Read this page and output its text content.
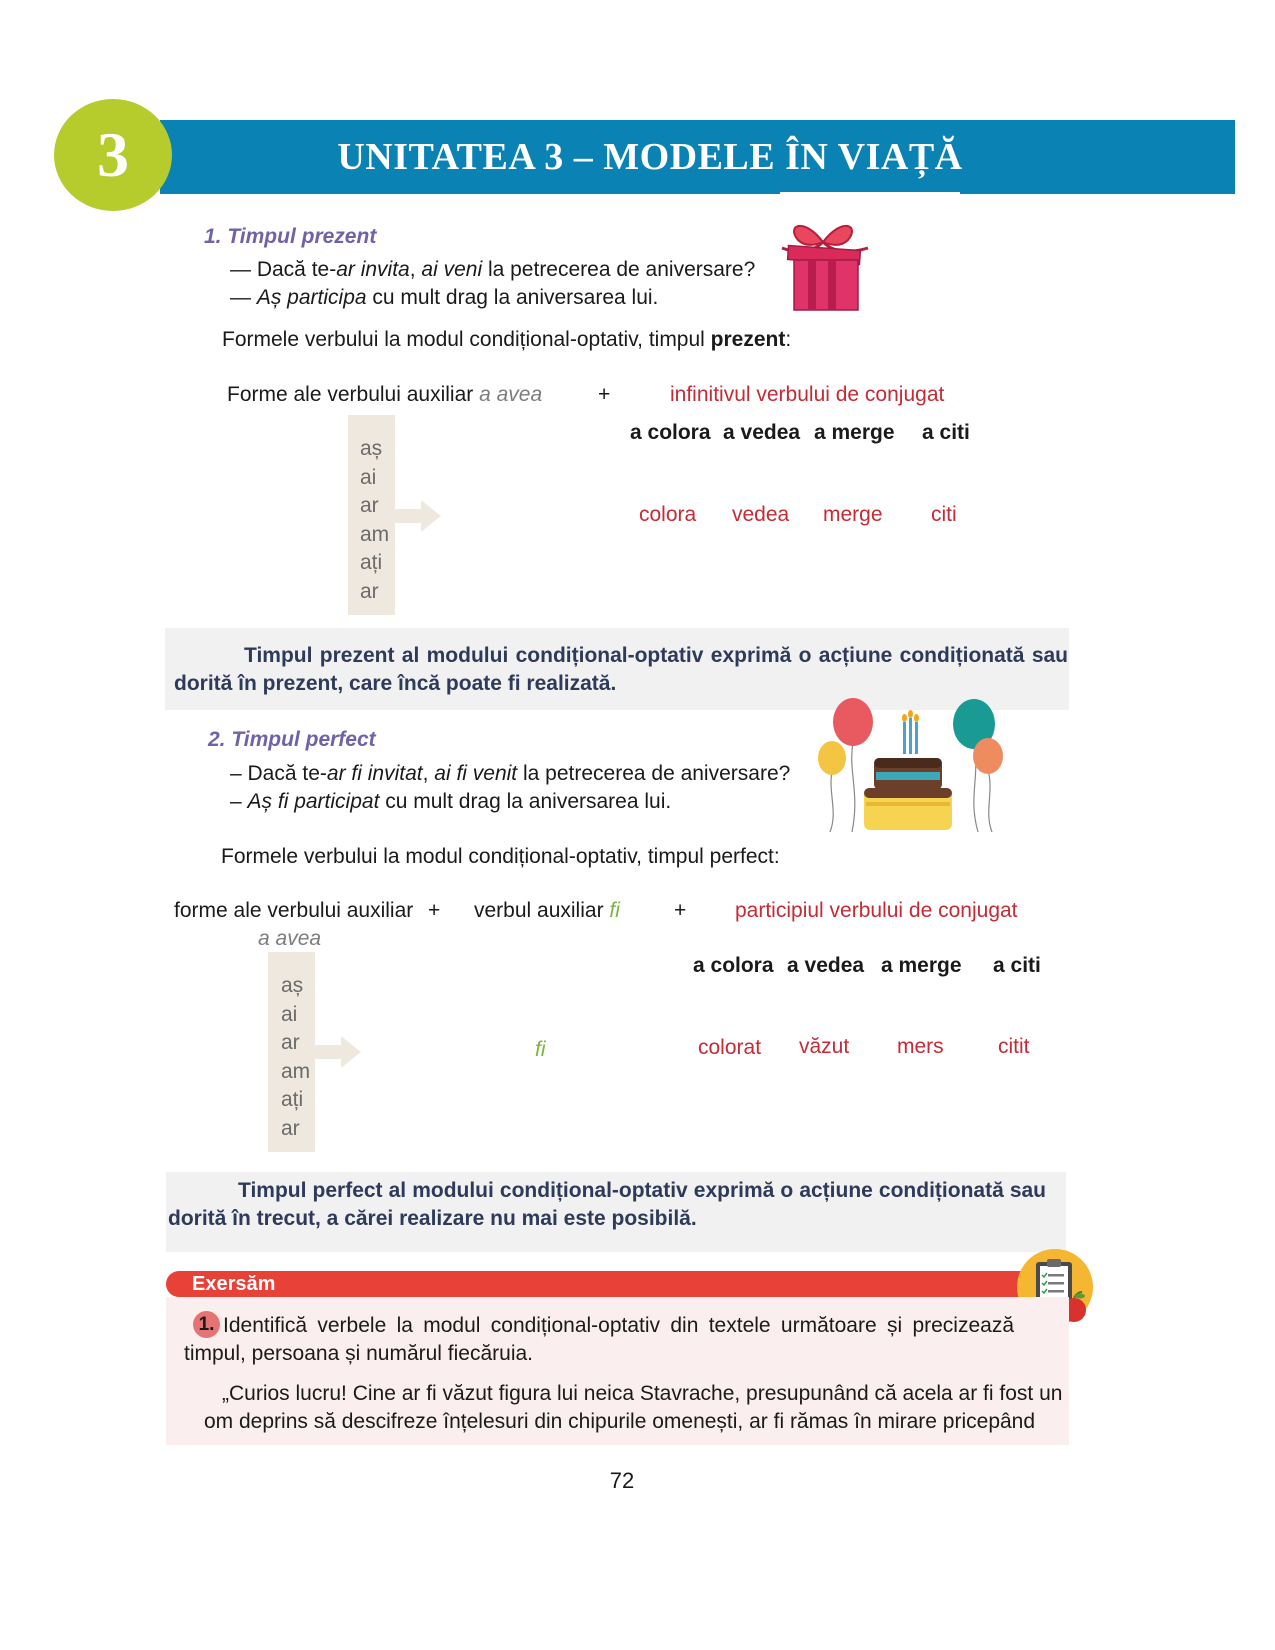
3	UNITATEA 3 – MODELE ÎN VIAȚĂ
1. Timpul prezent
— Dacă te-ar invita, ai veni la petrecerea de aniversare?
— Aș participa cu mult drag la aniversarea lui.
Formele verbului la modul condițional-optativ, timpul prezent:
Forme ale verbului auxiliar a avea	+	infinitivul verbului de conjugat
a colora a vedea a merge a citi
aș
ai
ar
am
ați
ar
colora vedea merge citi
Timpul prezent al modului condițional-optativ exprimă o acțiune condiționată sau dorită în prezent, care încă poate fi realizată.
2. Timpul perfect
– Dacă te-ar fi invitat, ai fi venit la petrecerea de aniversare?
– Aș fi participat cu mult drag la aniversarea lui.
Formele verbului la modul condițional-optativ, timpul perfect:
forme ale verbului auxiliar +
a avea
verbul auxiliar fi	+ participiul verbului de conjugat
a colora a vedea a merge a citi
aș
ai
ar
am
ați
ar
fi	colorat văzut mers	citit
Timpul perfect al modului condițional-optativ exprimă o acțiune condiționată sau dorită în trecut, a cărei realizare nu mai este posibilă.
Exersăm
1. Identifică verbele la modul condițional-optativ din textele următoare și precizează timpul, persoana și numărul fiecăruia.
„Curios lucru! Cine ar fi văzut figura lui neica Stavrache, presupunând că acela ar fi fost un
om deprins să descifreze înțelesuri din chipurile omenești, ar fi rămas în mirare pricepând
72
